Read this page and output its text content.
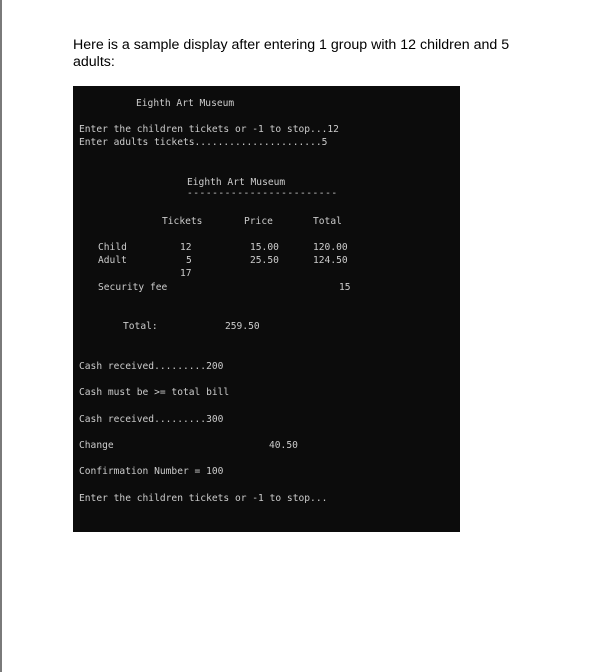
Here is a sample display after entering 1 group with 12 children and 5 adults:
Eighth Art Museum
Enter the children tickets or -1 to stop...12
Enter adults tickets......................5
Eighth Art Museum
------------------------
Tickets	Price	Total
Child	12	15.00	120.00
Adult	5	25.50	124.50
17
Security fee	15
Total:	259.50
Cash received.........200
Cash must be >= total bill
Cash received.........300
Change	40.50
Confirmation Number = 100
Enter the children tickets or -1 to stop...
